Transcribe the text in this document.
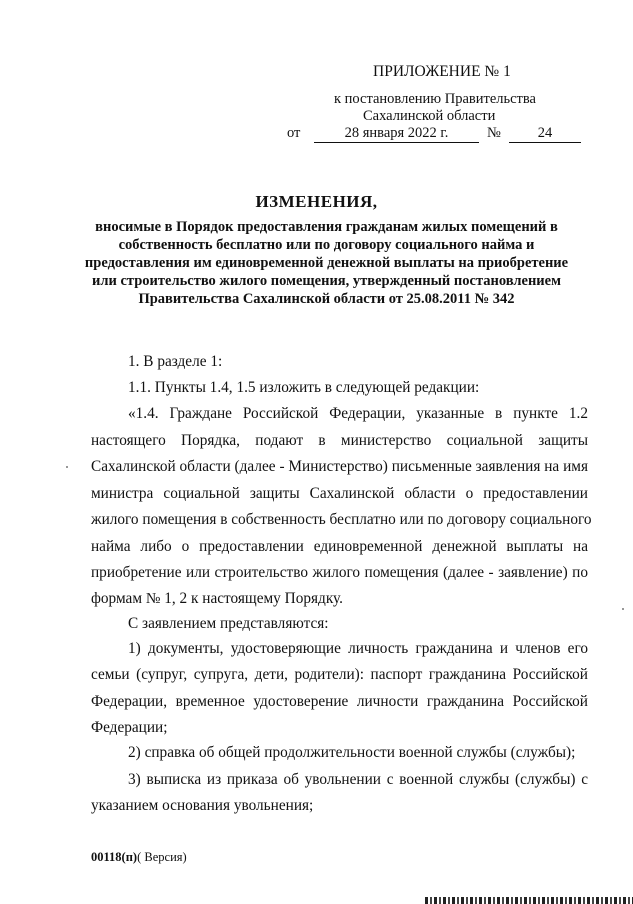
ПРИЛОЖЕНИЕ № 1
к постановлению Правительства
Сахалинской области
от	28 января 2022 г.	№	24
ИЗМЕНЕНИЯ,
вносимые в Порядок предоставления гражданам жилых помещений в
собственность бесплатно или по договору социального найма и
предоставления им единовременной денежной выплаты на приобретение
или строительство жилого помещения, утвержденный постановлением
Правительства Сахалинской области от 25.08.2011 № 342
1. В разделе 1:
1.1. Пункты 1.4, 1.5 изложить в следующей редакции:
«1.4. Граждане Российской Федерации, указанные в пункте 1.2
настоящего Порядка, подают в министерство социальной защиты
Сахалинской области (далее - Министерство) письменные заявления на имя
министра социальной защиты Сахалинской области о предоставлении
жилого помещения в собственность бесплатно или по договору социального
найма либо о предоставлении единовременной денежной выплаты на
приобретение или строительство жилого помещения (далее - заявление) по
формам № 1, 2 к настоящему Порядку.
С заявлением представляются:
1) документы, удостоверяющие личность гражданина и членов его
семьи (супруг, супруга, дети, родители): паспорт гражданина Российской
Федерации, временное удостоверение личности гражданина Российской
Федерации;
2) справка об общей продолжительности военной службы (службы);
3) выписка из приказа об увольнении с военной службы (службы) с
указанием основания увольнения;
00118(п)( Версия)
